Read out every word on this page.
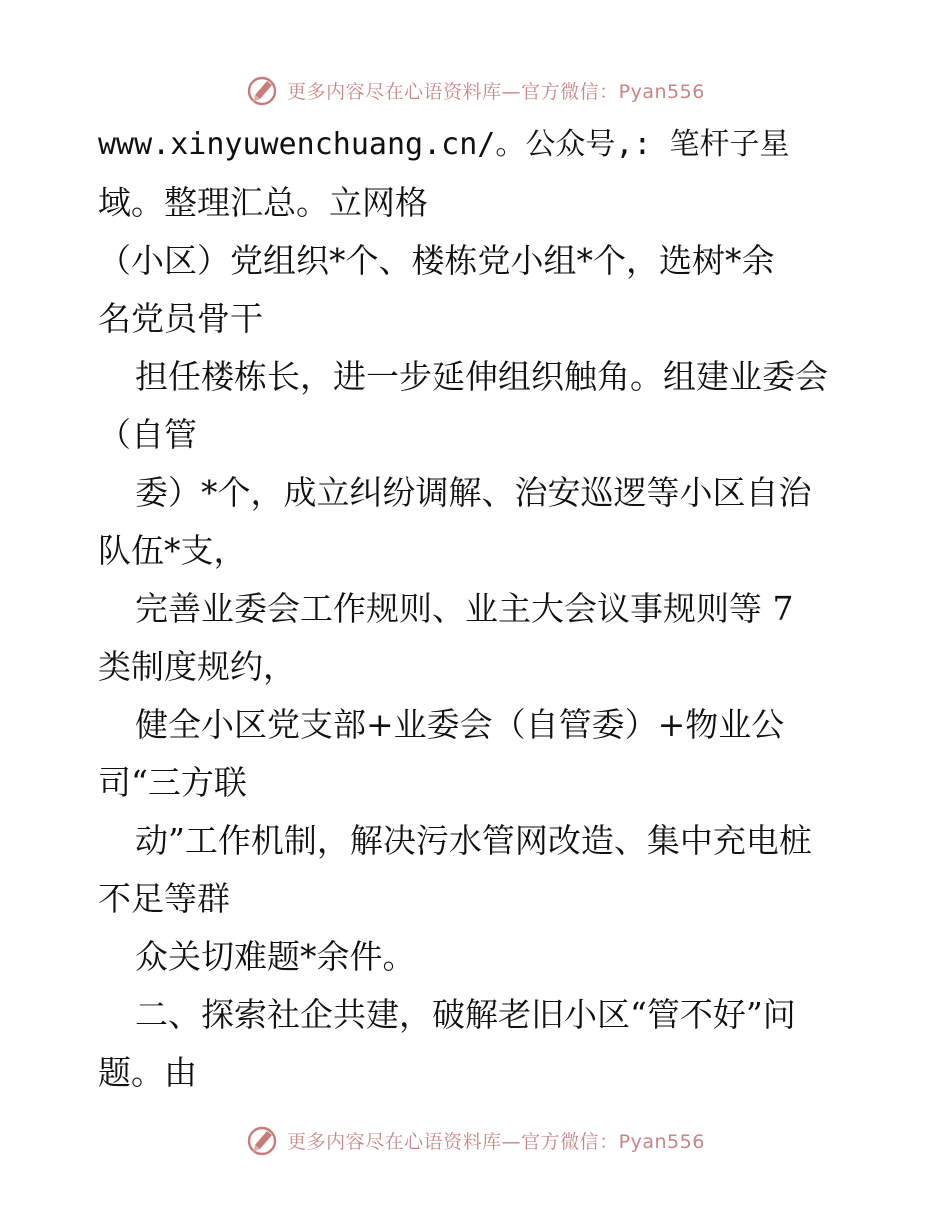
更多内容尽在心语资料库—官方微信：Pyan556
www.xinyuwenchuang.cn/。公众号,: 笔杆子星
域。整理汇总。立网格
（小区）党组织*个、楼栋党小组*个，选树*余
名党员骨干
担任楼栋长，进一步延伸组织触角。组建业委会
（自管
委）*个，成立纠纷调解、治安巡逻等小区自治
队伍*支，
完善业委会工作规则、业主大会议事规则等 7
类制度规约，
健全小区党支部+业委会（自管委）+物业公
司“三方联
动”工作机制，解决污水管网改造、集中充电桩
不足等群
众关切难题*余件。
二、探索社企共建，破解老旧小区“管不好”问
题。由
更多内容尽在心语资料库—官方微信：Pyan556
